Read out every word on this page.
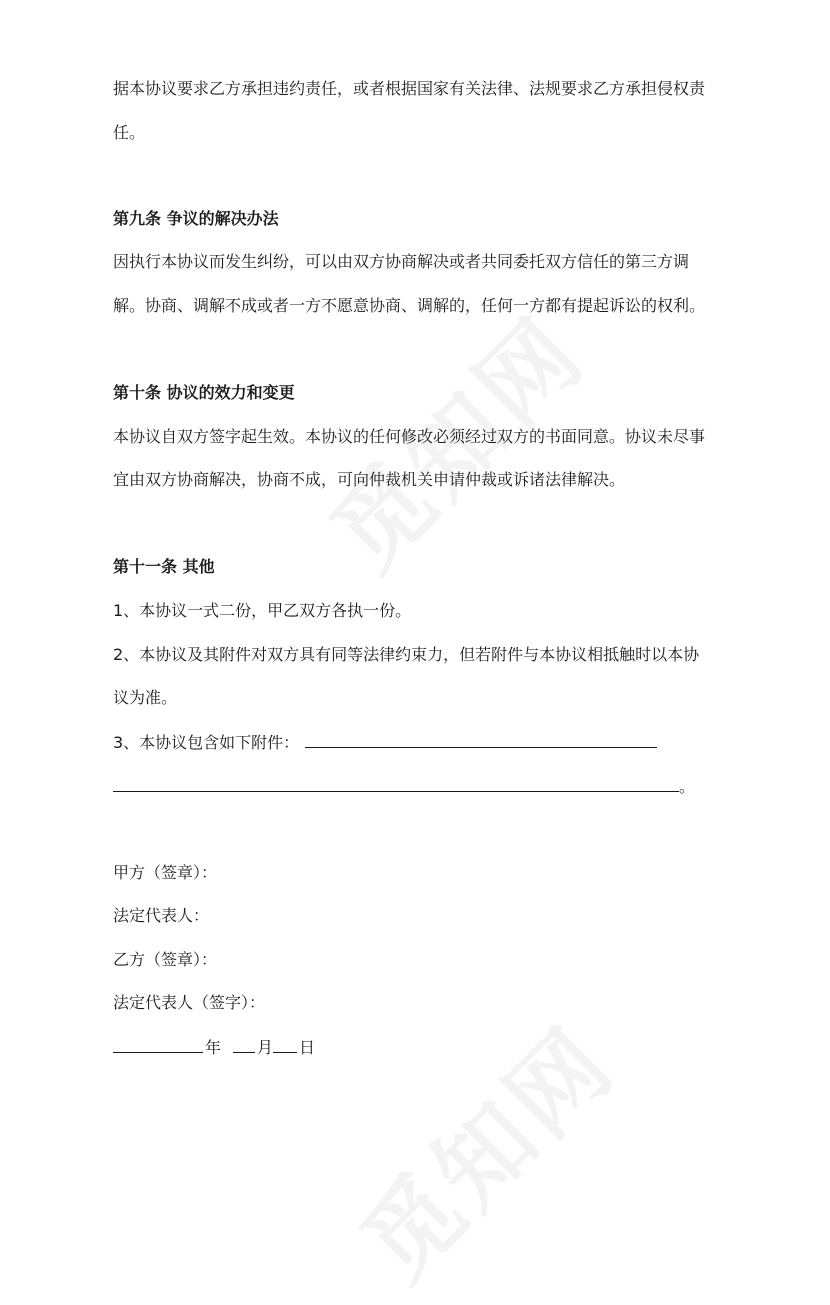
据本协议要求乙方承担违约责任，或者根据国家有关法律、法规要求乙方承担侵权责
任。
第九条 争议的解决办法
因执行本协议而发生纠纷，可以由双方协商解决或者共同委托双方信任的第三方调
解。协商、调解不成或者一方不愿意协商、调解的，任何一方都有提起诉讼的权利。
第十条 协议的效力和变更
本协议自双方签字起生效。本协议的任何修改必须经过双方的书面同意。协议未尽事
宜由双方协商解决，协商不成，可向仲裁机关申请仲裁或诉诸法律解决。
第十一条 其他
1、本协议一式二份，甲乙双方各执一份。
2、本协议及其附件对双方具有同等法律约束力，但若附件与本协议相抵触时以本协
议为准。
3、本协议包含如下附件：
。
甲方（签章）：
法定代表人：
乙方（签章）：
法定代表人（签字）：
年 月 日
